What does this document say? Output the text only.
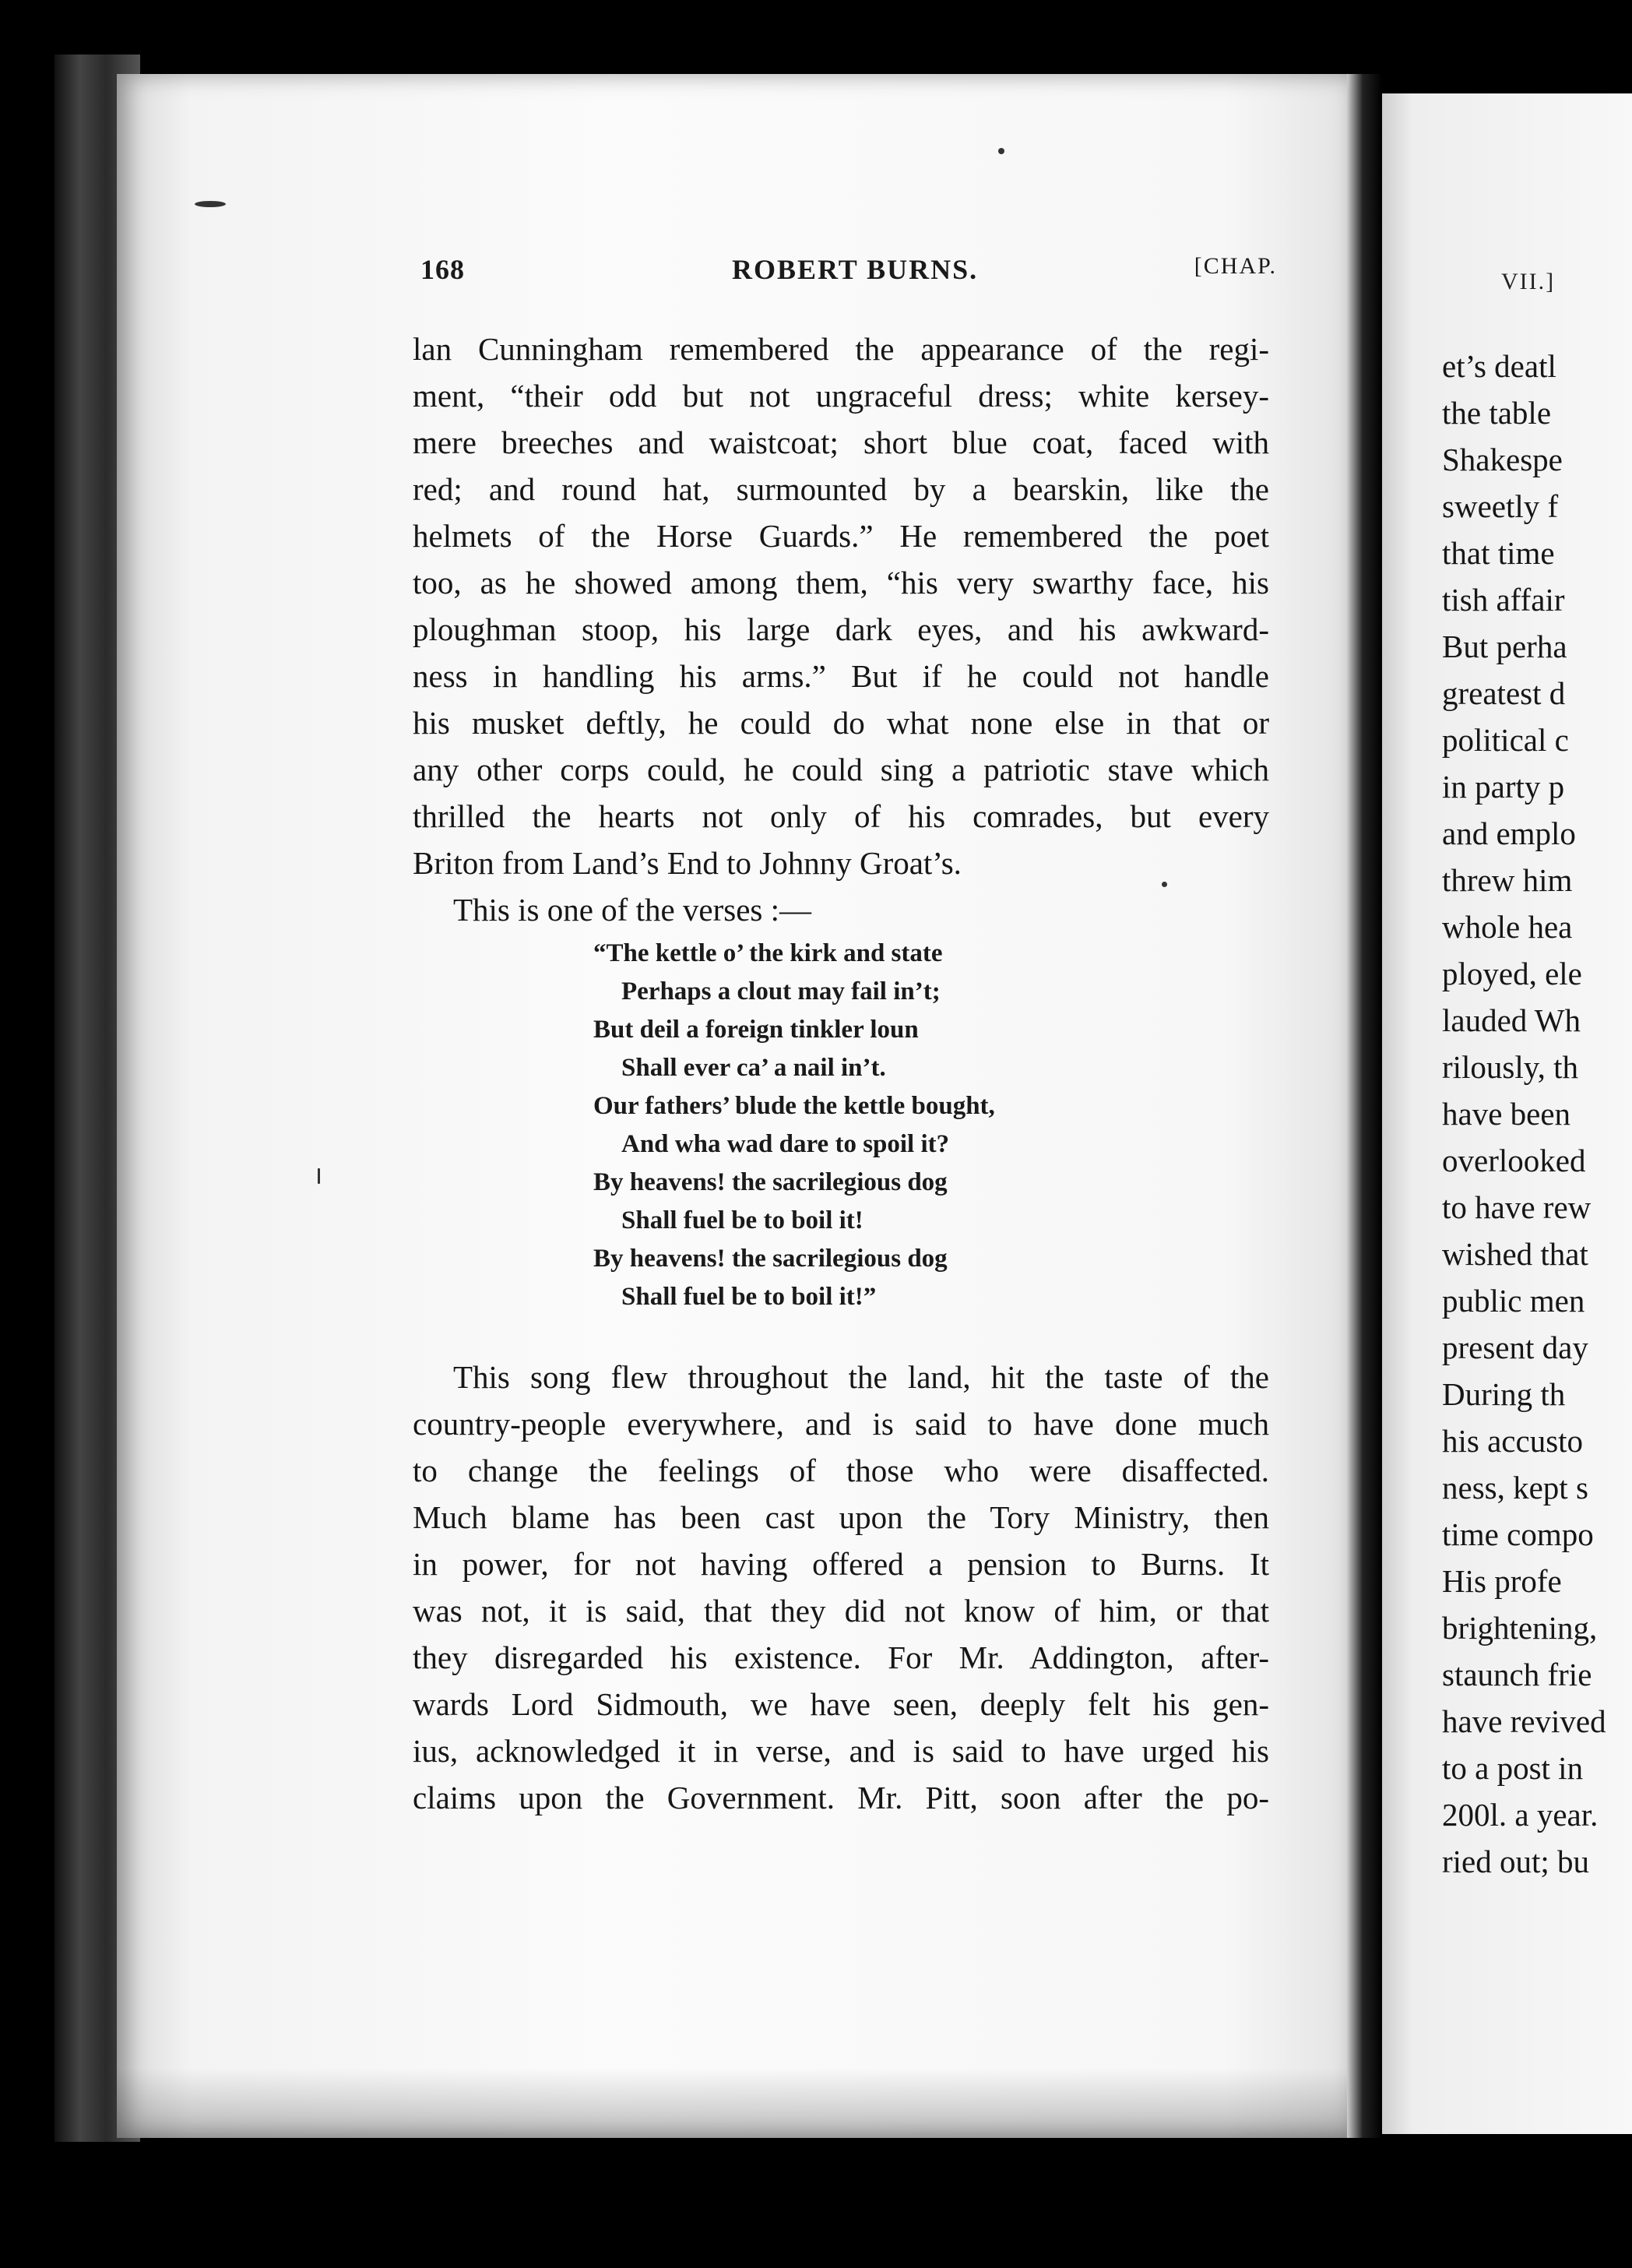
168	ROBERT BURNS.	[CHAP.
lan Cunningham remembered the appearance of the regi-
ment, “their odd but not ungraceful dress; white kersey-
mere breeches and waistcoat; short blue coat, faced with
red; and round hat, surmounted by a bearskin, like the
helmets of the Horse Guards.” He remembered the poet
too, as he showed among them, “his very swarthy face, his
ploughman stoop, his large dark eyes, and his awkward-
ness in handling his arms.” But if he could not handle
his musket deftly, he could do what none else in that or
any other corps could, he could sing a patriotic stave which
thrilled the hearts not only of his comrades, but every
Briton from Land’s End to Johnny Groat’s.
This is one of the verses :—
“The kettle o’ the kirk and state
Perhaps a clout may fail in’t;
But deil a foreign tinkler loun
Shall ever ca’ a nail in’t.
Our fathers’ blude the kettle bought,
And wha wad dare to spoil it?
By heavens! the sacrilegious dog
Shall fuel be to boil it!
By heavens! the sacrilegious dog
Shall fuel be to boil it!”
This song flew throughout the land, hit the taste of the
country-people everywhere, and is said to have done much
to change the feelings of those who were disaffected.
Much blame has been cast upon the Tory Ministry, then
in power, for not having offered a pension to Burns. It
was not, it is said, that they did not know of him, or that
they disregarded his existence. For Mr. Addington, after-
wards Lord Sidmouth, we have seen, deeply felt his gen-
ius, acknowledged it in verse, and is said to have urged his
claims upon the Government. Mr. Pitt, soon after the po-
VII.]
et’s deatl
the table
Shakespe
sweetly f
that time
tish affair
But perha
greatest d
political c
in party p
and emplo
threw him
whole hea
ployed, ele
lauded Wh
rilously, th
have been
overlooked
to have rew
wished that
public men
present day
During th
his accusto
ness, kept s
time compo
His profe
brightening,
staunch frie
have revived
to a post in
200l. a year.
ried out; bu
